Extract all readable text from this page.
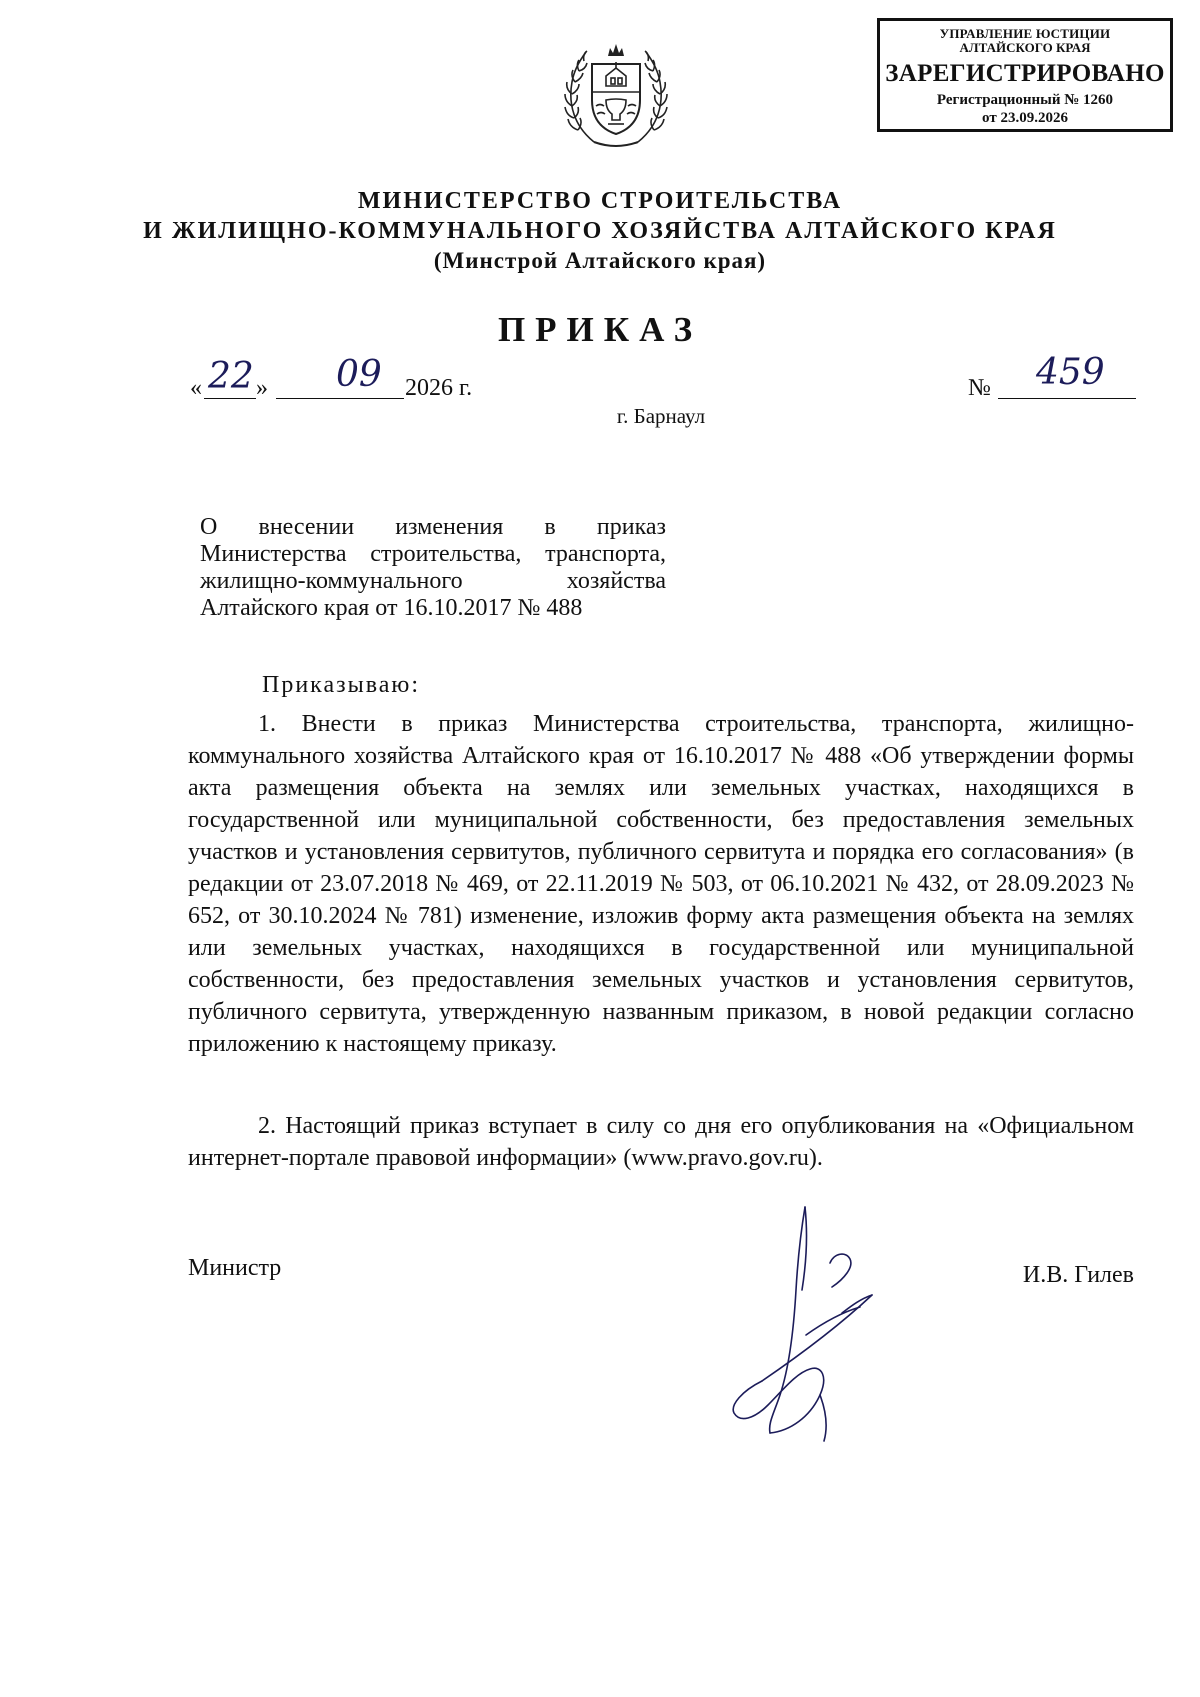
УПРАВЛЕНИЕ ЮСТИЦИИ
АЛТАЙСКОГО КРАЯ
ЗАРЕГИСТРИРОВАНО
Регистрационный № 1260
от 23.09.2026
МИНИСТЕРСТВО СТРОИТЕЛЬСТВА
И ЖИЛИЩНО-КОММУНАЛЬНОГО ХОЗЯЙСТВА АЛТАЙСКОГО КРАЯ
(Минстрой Алтайского края)
ПРИКАЗ
« 22 » 09 2026 г.	№ 459
г. Барнаул
О внесении изменения в приказ Министерства строительства, транспорта, жилищно-коммунального хозяйства Алтайского края от 16.10.2017 № 488
Приказываю:
1. Внести в приказ Министерства строительства, транспорта, жилищно-коммунального хозяйства Алтайского края от 16.10.2017 № 488 «Об утверждении формы акта размещения объекта на землях или земельных участках, находящихся в государственной или муниципальной собственности, без предоставления земельных участков и установления сервитутов, публичного сервитута и порядка его согласования» (в редакции от 23.07.2018 № 469, от 22.11.2019 № 503, от 06.10.2021 № 432, от 28.09.2023 № 652, от 30.10.2024 № 781) изменение, изложив форму акта размещения объекта на землях или земельных участках, находящихся в государственной или муниципальной собственности, без предоставления земельных участков и установления сервитутов, публичного сервитута, утвержденную названным приказом, в новой редакции согласно приложению к настоящему приказу.
2. Настоящий приказ вступает в силу со дня его опубликования на «Официальном интернет-портале правовой информации» (www.pravo.gov.ru).
Министр	И.В. Гилев
